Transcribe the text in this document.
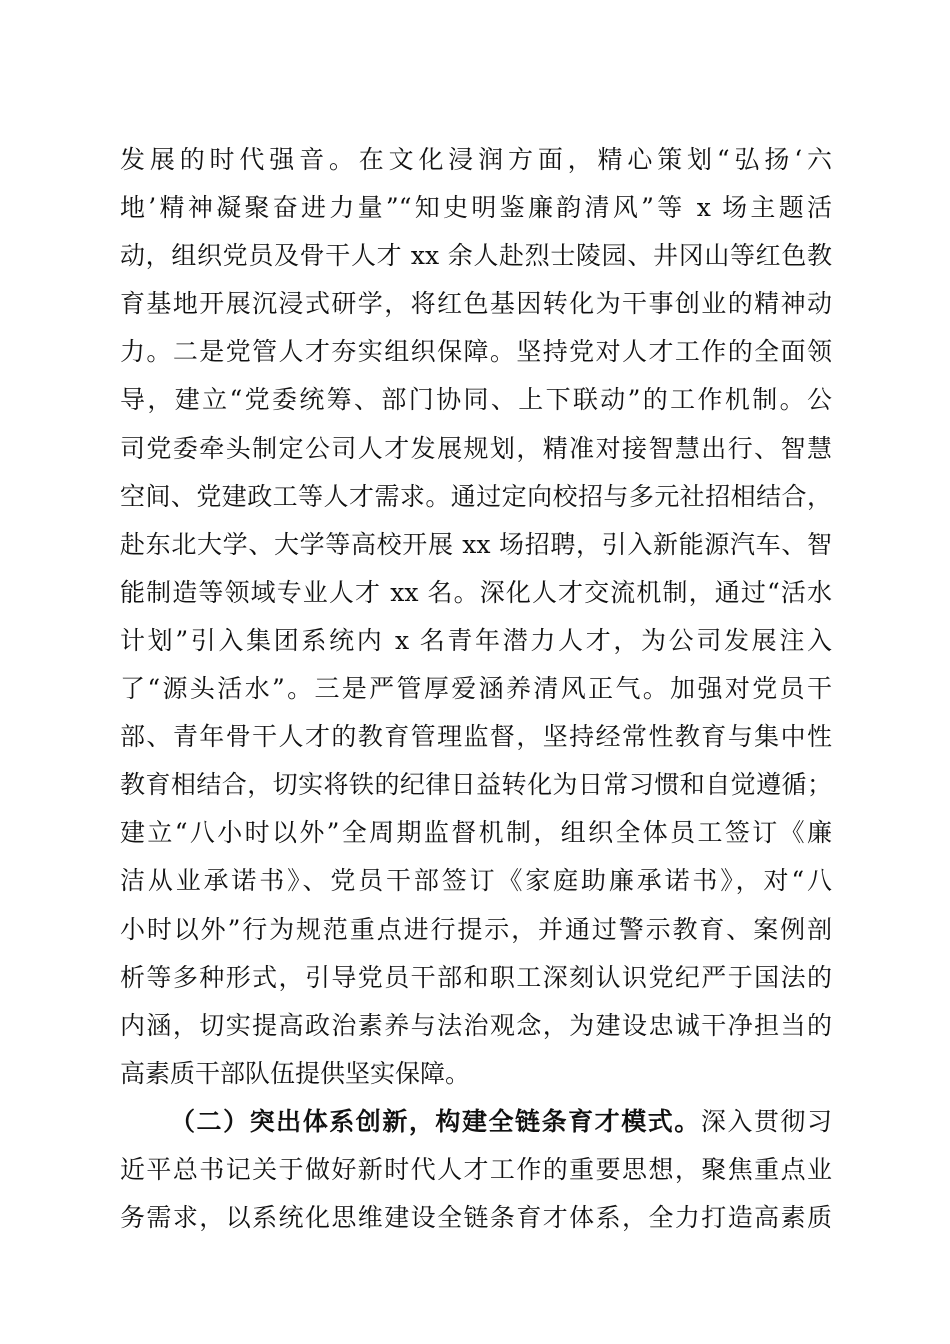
发展的时代强音。在文化浸润方面，精心策划“弘扬‘六
地’精神凝聚奋进力量”“知史明鉴廉韵清风”等 x 场主题活
动，组织党员及骨干人才 xx 余人赴烈士陵园、井冈山等红色教
育基地开展沉浸式研学，将红色基因转化为干事创业的精神动
力。二是党管人才夯实组织保障。坚持党对人才工作的全面领
导，建立“党委统筹、部门协同、上下联动”的工作机制。公
司党委牵头制定公司人才发展规划，精准对接智慧出行、智慧
空间、党建政工等人才需求。通过定向校招与多元社招相结合，
赴东北大学、大学等高校开展 xx 场招聘，引入新能源汽车、智
能制造等领域专业人才 xx 名。深化人才交流机制，通过“活水
计划”引入集团系统内 x 名青年潜力人才，为公司发展注入
了“源头活水”。三是严管厚爱涵养清风正气。加强对党员干
部、青年骨干人才的教育管理监督，坚持经常性教育与集中性
教育相结合，切实将铁的纪律日益转化为日常习惯和自觉遵循；
建立“八小时以外”全周期监督机制，组织全体员工签订《廉
洁从业承诺书》、党员干部签订《家庭助廉承诺书》，对“八
小时以外”行为规范重点进行提示，并通过警示教育、案例剖
析等多种形式，引导党员干部和职工深刻认识党纪严于国法的
内涵，切实提高政治素养与法治观念，为建设忠诚干净担当的
高素质干部队伍提供坚实保障。
（二）突出体系创新，构建全链条育才模式。深入贯彻习
近平总书记关于做好新时代人才工作的重要思想，聚焦重点业
务需求，以系统化思维建设全链条育才体系，全力打造高素质
